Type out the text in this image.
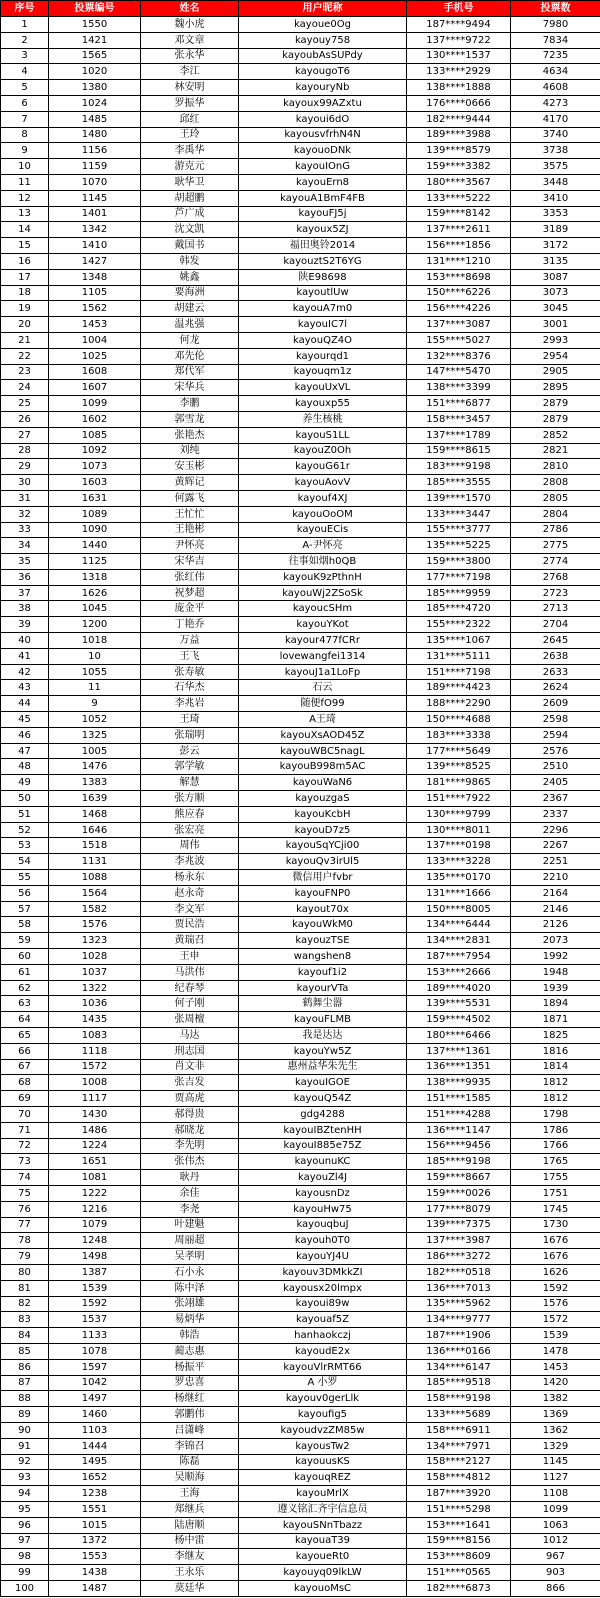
序号	投票编号	姓名	用户昵称	手机号	投票数
1	1550	魏小虎	kayoue0Og	187****9494	7980
2	1421	邓文章	kayouy758	137****9722	7834
3	1565	张永华	kayoubAsSUPdy	130****1537	7235
4	1020	李江	kayougoT6	133****2929	4634
5	1380	林安明	kayouryNb	138****1888	4608
6	1024	罗振华	kayoux99AZxtu	176****0666	4273
7	1485	邱红	kayoui6dO	182****9444	4170
8	1480	王玲	kayousvfrhN4N	189****3988	3740
9	1156	李禹华	kayouoDNk	139****8579	3738
10	1159	游克元	kayouIOnG	159****3382	3575
11	1070	耿华卫	kayouErn8	180****3567	3448
12	1145	胡超鹏	kayouA1BmF4FB	133****5222	3410
13	1401	芦广成	kayouFJ5j	159****8142	3353
14	1342	沈文凯	kayoux5ZJ	137****2611	3189
15	1410	戴国书	福田奥铃2014	156****1856	3172
16	1427	韩发	kayouztS2T6YG	131****1210	3135
17	1348	姚鑫	陕E98698	153****8698	3087
18	1105	要海洲	kayoutlUw	150****6226	3073
19	1562	胡建云	kayouA7m0	156****4226	3045
20	1453	温兆强	kayouIC7l	137****3087	3001
21	1004	何龙	kayouQZ4O	155****5027	2993
22	1025	邓先伦	kayourqd1	132****8376	2954
23	1608	郑代军	kayouqm1z	147****5470	2905
24	1607	宋华兵	kayouUxVL	138****3399	2895
25	1099	李鹏	kayouxp55	151****6877	2879
26	1602	郭雪龙	养生核桃	158****3457	2879
27	1085	张艳杰	kayouS1LL	137****1789	2852
28	1092	刘纯	kayouZ0Oh	159****8615	2821
29	1073	安玉彬	kayouG61r	183****9198	2810
30	1603	黄辉记	kayouAovV	185****3555	2808
31	1631	何露飞	kayouf4XJ	139****1570	2805
32	1089	王忙忙	kayouOoOM	133****3447	2804
33	1090	王艳彬	kayouECis	155****3777	2786
34	1440	尹怀亮	A-尹怀亮	135****5225	2775
35	1125	宋华吉	往事如烟h0QB	159****3800	2774
36	1318	张红伟	kayouK9zPthnH	177****7198	2768
37	1626	祝梦超	kayouWj2ZSoSk	185****9959	2723
38	1045	庞金平	kayoucSHm	185****4720	2713
39	1200	丁艳乔	kayouYKot	155****2322	2704
40	1018	万益	kayour477fCRr	135****1067	2645
41	10	王飞	lovewangfei1314	131****5111	2638
42	1055	张寿敏	kayouJ1a1LoFp	151****7198	2633
43	11	石华杰	石云	189****4423	2624
44	9	李兆岩	随便fO99	188****2290	2609
45	1052	王琦	A王琦	150****4688	2598
46	1325	张瑞明	kayouXsAOD45Z	183****3338	2594
47	1005	彭云	kayouWBC5nagL	177****5649	2576
48	1476	郭学敏	kayouB998m5AC	139****8525	2510
49	1383	解慧	kayouWaN6	181****9865	2405
50	1639	张方顺	kayouzgaS	151****7922	2367
51	1468	熊应春	kayouKcbH	130****9799	2337
52	1646	张宏亮	kayouD7z5	130****8011	2296
53	1518	周伟	kayouSqYCji00	137****0198	2267
54	1131	李兆波	kayouQv3irUl5	133****3228	2251
55	1088	杨永东	微信用户fvbr	135****0170	2210
56	1564	赵永奇	kayouFNP0	131****1666	2164
57	1582	李文军	kayout70x	150****8005	2146
58	1576	贾民浩	kayouWkM0	134****6444	2126
59	1323	黄瑞召	kayouzTSE	134****2831	2073
60	1028	王申	wangshen8	187****7954	1992
61	1037	马洪伟	kayouf1i2	153****2666	1948
62	1322	纪春琴	kayourVTa	189****4020	1939
63	1036	何子刚	鹤舞尘嚣	139****5531	1894
64	1435	张周檀	kayouFLMB	159****4502	1871
65	1083	马达	我是达达	180****6466	1825
66	1118	刑志国	kayouYw5Z	137****1361	1816
67	1572	肖文非	惠州益华朱先生	136****1351	1814
68	1008	张吉发	kayouIGOE	138****9935	1812
69	1117	贾高虎	kayouQ54Z	151****1585	1812
70	1430	郝得贵	gdg4288	151****4288	1798
71	1486	郝晓龙	kayouIBZtenHH	136****1147	1786
72	1224	李先明	kayouI885e75Z	156****9456	1766
73	1651	张伟杰	kayounuKC	185****9198	1765
74	1081	耿丹	kayouZl4J	159****8667	1755
75	1222	余佳	kayousnDz	159****0026	1751
76	1216	李尧	kayouHw75	177****8079	1745
77	1079	叶建魁	kayouqbuJ	139****7375	1730
78	1248	周丽超	kayouh0T0	137****3987	1676
79	1498	吴孝明	kayouYJ4U	186****3272	1676
80	1387	石小永	kayouv3DMkkZI	182****0518	1626
81	1539	陈中泽	kayousx20lmpx	136****7013	1592
82	1592	张翊雄	kayoui89w	135****5962	1576
83	1537	易炳华	kayouaf5Z	134****9777	1572
84	1133	韩浩	hanhaokczj	187****1906	1539
85	1078	蔺志惠	kayoudE2x	136****0166	1478
86	1597	杨振平	kayouVlrRMT66	134****6147	1453
87	1042	罗忠喜	A 小罗	185****9518	1420
88	1497	杨继红	kayouv0gerLlk	158****9198	1382
89	1460	郭鹏伟	kayoufig5	133****5689	1369
90	1103	吕潇峰	kayoudvzZM85w	158****6911	1362
91	1444	李锦召	kayousTw2	134****7971	1329
92	1495	陈磊	kayouusKS	158****2127	1145
93	1652	吴顺海	kayouqREZ	158****4812	1127
94	1238	王海	kayouMrlX	187****3920	1108
95	1551	郑继兵	遵义铭汇齐宇信息员	151****5298	1099
96	1015	陆唐顺	kayouSNnTbazz	153****1641	1063
97	1372	杨中雷	kayouaT39	159****8156	1012
98	1553	李继友	kayoueRt0	153****8609	967
99	1438	王永乐	kayouyq09lkLW	151****0565	903
100	1487	莫廷华	kayouoMsC	182****6873	866
